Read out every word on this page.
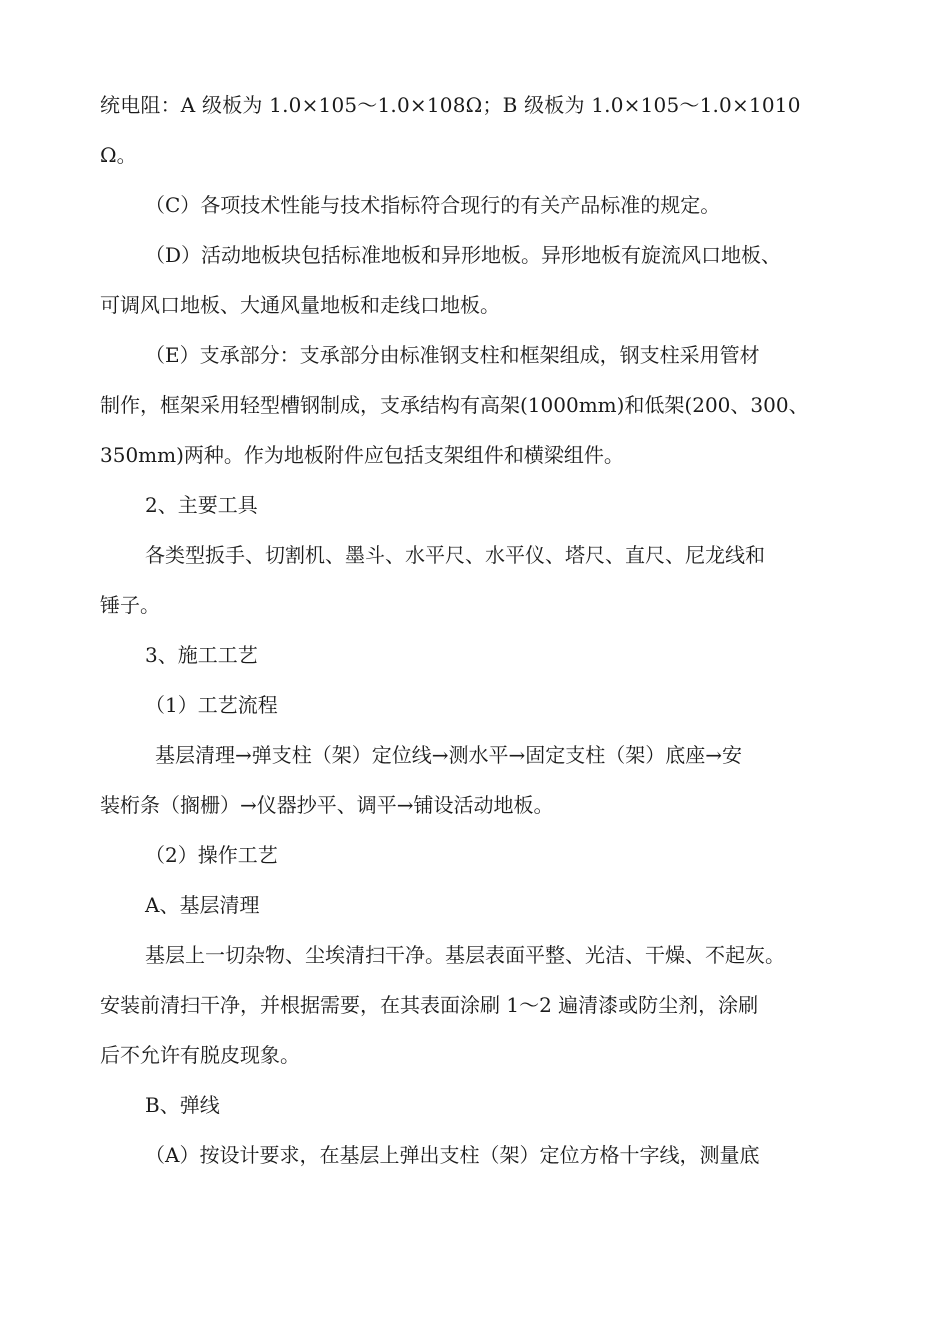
统电阻：A 级板为 1.0×105～1.0×108Ω；B 级板为 1.0×105～1.0×1010
Ω。
（C）各项技术性能与技术指标符合现行的有关产品标准的规定。
（D）活动地板块包括标准地板和异形地板。异形地板有旋流风口地板、
可调风口地板、大通风量地板和走线口地板。
（E）支承部分：支承部分由标准钢支柱和框架组成，钢支柱采用管材
制作，框架采用轻型槽钢制成，支承结构有高架(1000mm)和低架(200、300、
350mm)两种。作为地板附件应包括支架组件和横梁组件。
2、主要工具
各类型扳手、切割机、墨斗、水平尺、水平仪、塔尺、直尺、尼龙线和
锤子。
3、施工工艺
（1）工艺流程
基层清理→弹支柱（架）定位线→测水平→固定支柱（架）底座→安
装桁条（搁栅）→仪器抄平、调平→铺设活动地板。
（2）操作工艺
A、基层清理
基层上一切杂物、尘埃清扫干净。基层表面平整、光洁、干燥、不起灰。
安装前清扫干净，并根据需要，在其表面涂刷 1～2 遍清漆或防尘剂，涂刷
后不允许有脱皮现象。
B、弹线
（A）按设计要求，在基层上弹出支柱（架）定位方格十字线，测量底
